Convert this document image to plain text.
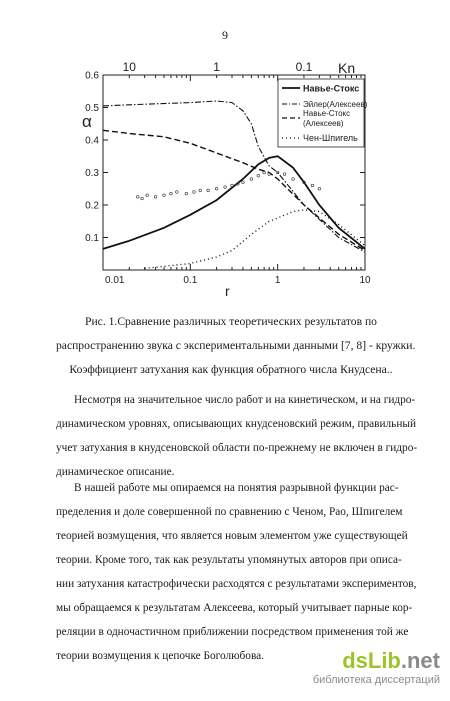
9
0.01	0.1	1	10
10	1	0.1
0.1
0.2
0.3
0.4
0.5
0.6
α
r
Kn
Навье-Стокс
Эйлер(Алексеев)
Навье-Стокс
(Алексеев)
Чен-Шпигель
Рис. 1.Сравнение различных теоретических результатов по
распространению звука с экспериментальными данными [7, 8] - кружки.
Коэффициент затухания как функция обратного числа Кнудсена..
Несмотря на значительное число работ и на кинетическом, и на гидро-
динамическом уровнях, описывающих кнудсеновский режим, правильный
учет затухания в кнудсеновской области по-прежнему не включен в гидро-
динамическое описание.
В нашей работе мы опираемся на понятия разрывной функции рас-
пределения и доле совершенной по сравнению с Ченом, Рао, Шпигелем
теорией возмущения, что является новым элементом уже существующей
теории. Кроме того, так как результаты упомянутых авторов при описа-
нии затухания катастрофически расходятся с результатами экспериментов,
мы обращаемся к результатам Алексеева, который учитывает парные кор-
реляции в одночастичном приближении посредством применения той же
теории возмущения к цепочке Боголюбова.	dsLib.net
библиотека диссертаций
